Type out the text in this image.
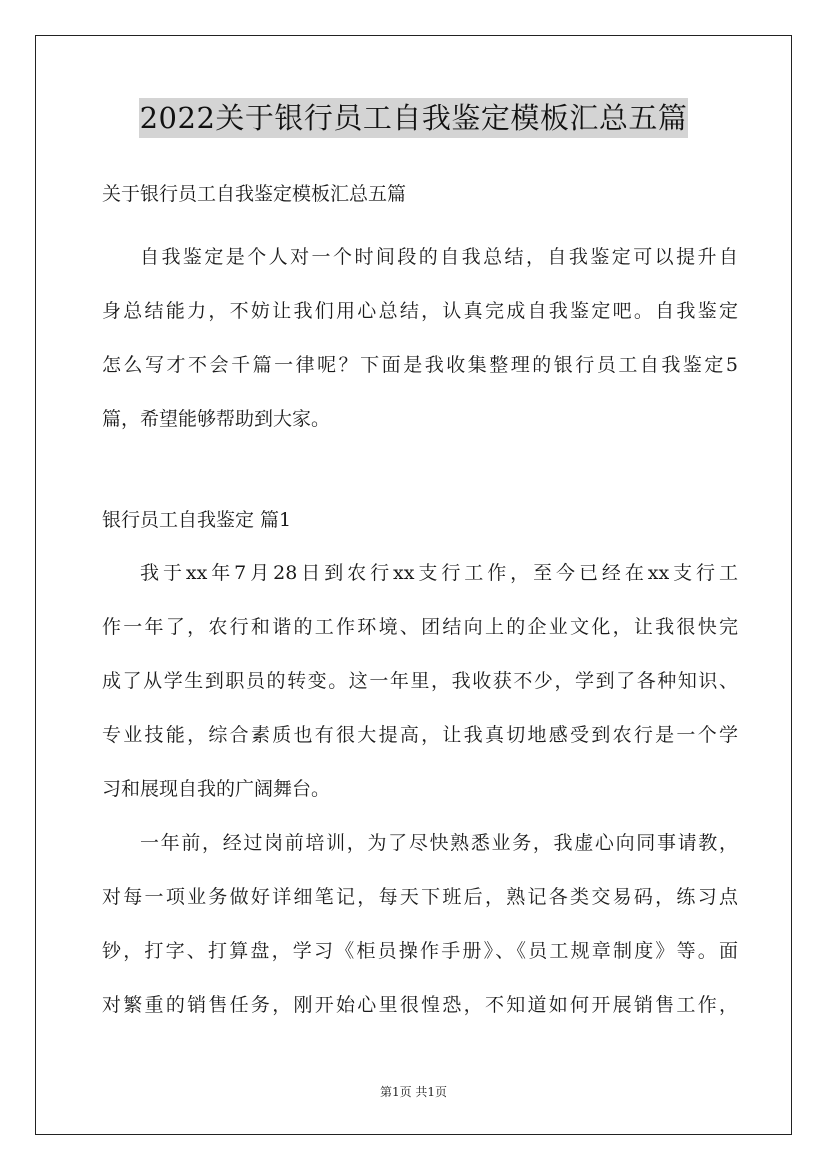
2022关于银行员工自我鉴定模板汇总五篇
关于银行员工自我鉴定模板汇总五篇
自我鉴定是个人对一个时间段的自我总结，自我鉴定可以提升自
身总结能力，不妨让我们用心总结，认真完成自我鉴定吧。自我鉴定
怎么写才不会千篇一律呢？下面是我收集整理的银行员工自我鉴定5
篇，希望能够帮助到大家。
银行员工自我鉴定 篇1
我于xx年7月28日到农行xx支行工作，至今已经在xx支行工
作一年了，农行和谐的工作环境、团结向上的企业文化，让我很快完
成了从学生到职员的转变。这一年里，我收获不少，学到了各种知识、
专业技能，综合素质也有很大提高，让我真切地感受到农行是一个学
习和展现自我的广阔舞台。
一年前，经过岗前培训，为了尽快熟悉业务，我虚心向同事请教，
对每一项业务做好详细笔记，每天下班后，熟记各类交易码，练习点
钞，打字、打算盘，学习《柜员操作手册》、《员工规章制度》等。面
对繁重的销售任务，刚开始心里很惶恐，不知道如何开展销售工作，
第1页 共1页
